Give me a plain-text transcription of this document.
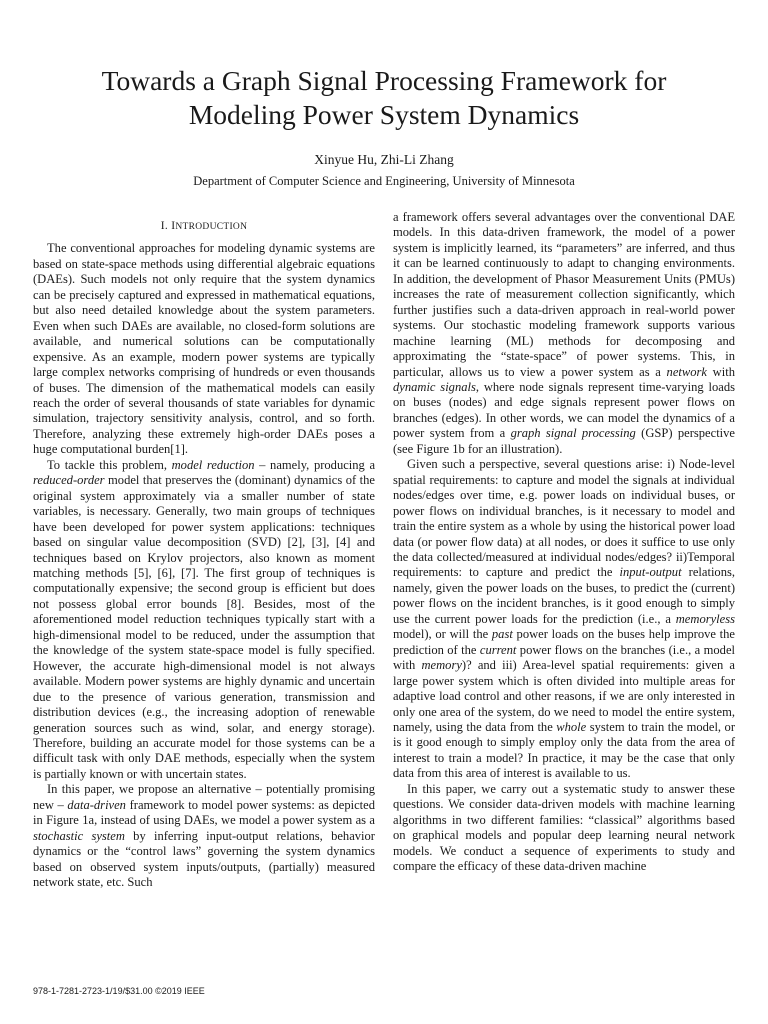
Towards a Graph Signal Processing Framework for
Modeling Power System Dynamics
Xinyue Hu, Zhi-Li Zhang
Department of Computer Science and Engineering, University of Minnesota
I. INTRODUCTION

The conventional approaches for modeling dynamic systems are based on state-space methods using differential algebraic equations (DAEs). Such models not only require that the system dynamics can be precisely captured and expressed in mathematical equations, but also need detailed knowledge about the system parameters. Even when such DAEs are available, no closed-form solutions are available, and numerical solutions can be computationally expensive. As an example, modern power systems are typically large complex networks comprising of hundreds or even thousands of buses. The dimension of the mathematical models can easily reach the order of several thousands of state variables for dynamic simulation, trajectory sensitivity analysis, control, and so forth. Therefore, analyzing these extremely high-order DAEs poses a huge computational burden[1].

To tackle this problem, model reduction – namely, producing a reduced-order model that preserves the (dominant) dynamics of the original system approximately via a smaller number of state variables, is necessary. Generally, two main groups of techniques have been developed for power system applications: techniques based on singular value decomposition (SVD) [2], [3], [4] and techniques based on Krylov projectors, also known as moment matching methods [5], [6], [7]. The first group of techniques is computationally expensive; the second group is efficient but does not possess global error bounds [8]. Besides, most of the aforementioned model reduction techniques typically start with a high-dimensional model to be reduced, under the assumption that the knowledge of the system state-space model is fully specified. However, the accurate high-dimensional model is not always available. Modern power systems are highly dynamic and uncertain due to the presence of various generation, transmission and distribution devices (e.g., the increasing adoption of renewable generation sources such as wind, solar, and energy storage). Therefore, building an accurate model for those systems can be a difficult task with only DAE methods, especially when the system is partially known or with uncertain states.

In this paper, we propose an alternative – potentially promising new – data-driven framework to model power systems: as depicted in Figure 1a, instead of using DAEs, we model a power system as a stochastic system by inferring input-output relations, behavior dynamics or the “control laws” governing the system dynamics based on observed system inputs/outputs, (partially) measured network state, etc. Such

a framework offers several advantages over the conventional DAE models. In this data-driven framework, the model of a power system is implicitly learned, its “parameters” are inferred, and thus it can be learned continuously to adapt to changing environments. In addition, the development of Phasor Measurement Units (PMUs) increases the rate of measurement collection significantly, which further justifies such a data-driven approach in real-world power systems. Our stochastic modeling framework supports various machine learning (ML) methods for decomposing and approximating the “state-space” of power systems. This, in particular, allows us to view a power system as a network with dynamic signals, where node signals represent time-varying loads on buses (nodes) and edge signals represent power flows on branches (edges). In other words, we can model the dynamics of a power system from a graph signal processing (GSP) perspective (see Figure 1b for an illustration).

Given such a perspective, several questions arise: i) Node-level spatial requirements: to capture and model the signals at individual nodes/edges over time, e.g. power loads on individual buses, or power flows on individual branches, is it necessary to model and train the entire system as a whole by using the historical power load data (or power flow data) at all nodes, or does it suffice to use only the data collected/measured at individual nodes/edges? ii)Temporal requirements: to capture and predict the input-output relations, namely, given the power loads on the buses, to predict the (current) power flows on the incident branches, is it good enough to simply use the current power loads for the prediction (i.e., a memoryless model), or will the past power loads on the buses help improve the prediction of the current power flows on the branches (i.e., a model with memory)? and iii) Area-level spatial requirements: given a large power system which is often divided into multiple areas for adaptive load control and other reasons, if we are only interested in only one area of the system, do we need to model the entire system, namely, using the data from the whole system to train the model, or is it good enough to simply employ only the data from the area of interest to train a model? In practice, it may be the case that only data from this area of interest is available to us.

In this paper, we carry out a systematic study to answer these questions. We consider data-driven models with machine learning algorithms in two different families: “classical” algorithms based on graphical models and popular deep learning neural network models. We conduct a sequence of experiments to study and compare the efficacy of these data-driven machine

978-1-7281-2723-1/19/$31.00 ©2019 IEEE
